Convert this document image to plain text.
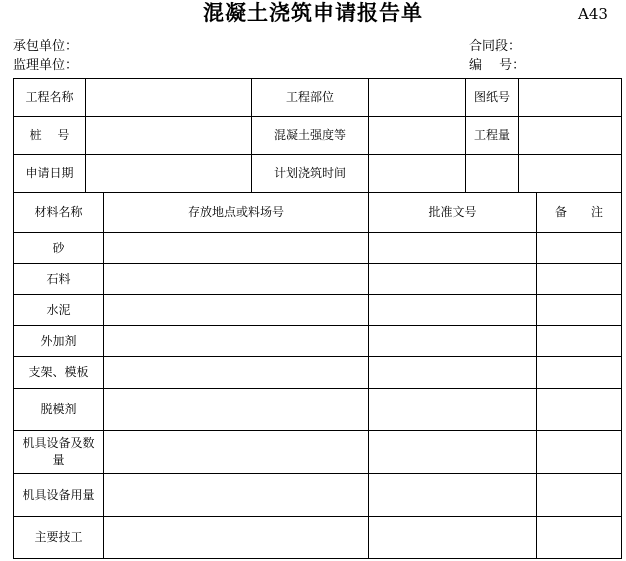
混凝土浇筑申请报告单	A43
承包单位：
监理单位：
合同段：
编　 号：
工程名称			工程部位		图纸号		
桩　 号			混凝土强度等		工程量		
申请日期			计划浇筑时间				
材料名称		存放地点或料场号		批准文号			备　　注
砂							
石料							
水泥							
外加剂							
支架、模板							
脱模剂							
机具设备及数量							
机具设备用量							
主要技工							
